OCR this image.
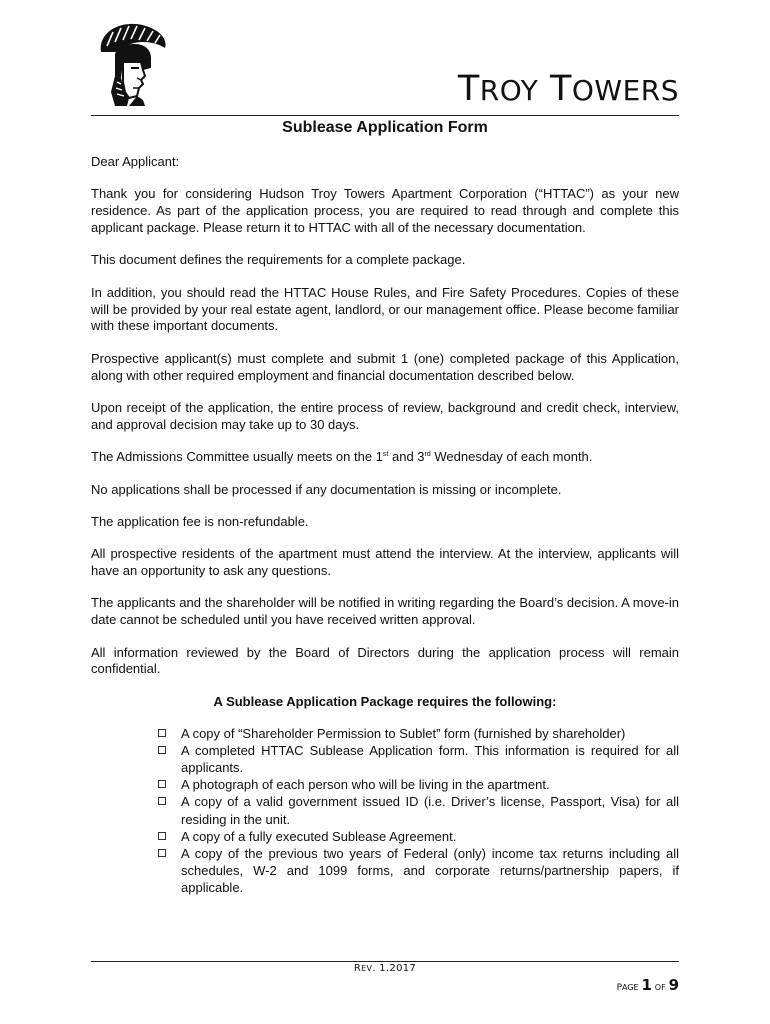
TROY TOWERS
Sublease Application Form

Dear Applicant:

Thank you for considering Hudson Troy Towers Apartment Corporation (“HTTAC”) as your new residence. As part of the application process, you are required to read through and complete this applicant package. Please return it to HTTAC with all of the necessary documentation.

This document defines the requirements for a complete package.

In addition, you should read the HTTAC House Rules, and Fire Safety Procedures. Copies of these will be provided by your real estate agent, landlord, or our management office. Please become familiar with these important documents.

Prospective applicant(s) must complete and submit 1 (one) completed package of this Application, along with other required employment and financial documentation described below.

Upon receipt of the application, the entire process of review, background and credit check, interview, and approval decision may take up to 30 days.

The Admissions Committee usually meets on the 1st and 3rd Wednesday of each month.

No applications shall be processed if any documentation is missing or incomplete.

The application fee is non-refundable.

All prospective residents of the apartment must attend the interview. At the interview, applicants will have an opportunity to ask any questions.

The applicants and the shareholder will be notified in writing regarding the Board’s decision. A move-in date cannot be scheduled until you have received written approval.

All information reviewed by the Board of Directors during the application process will remain confidential.

A Sublease Application Package requires the following:

A copy of “Shareholder Permission to Sublet” form (furnished by shareholder)
A completed HTTAC Sublease Application form. This information is required for all applicants.
A photograph of each person who will be living in the apartment.
A copy of a valid government issued ID (i.e. Driver’s license, Passport, Visa) for all residing in the unit.
A copy of a fully executed Sublease Agreement.
A copy of the previous two years of Federal (only) income tax returns including all schedules, W-2 and 1099 forms, and corporate returns/partnership papers, if applicable.
REV. 1.2017
PAGE 1 OF 9
